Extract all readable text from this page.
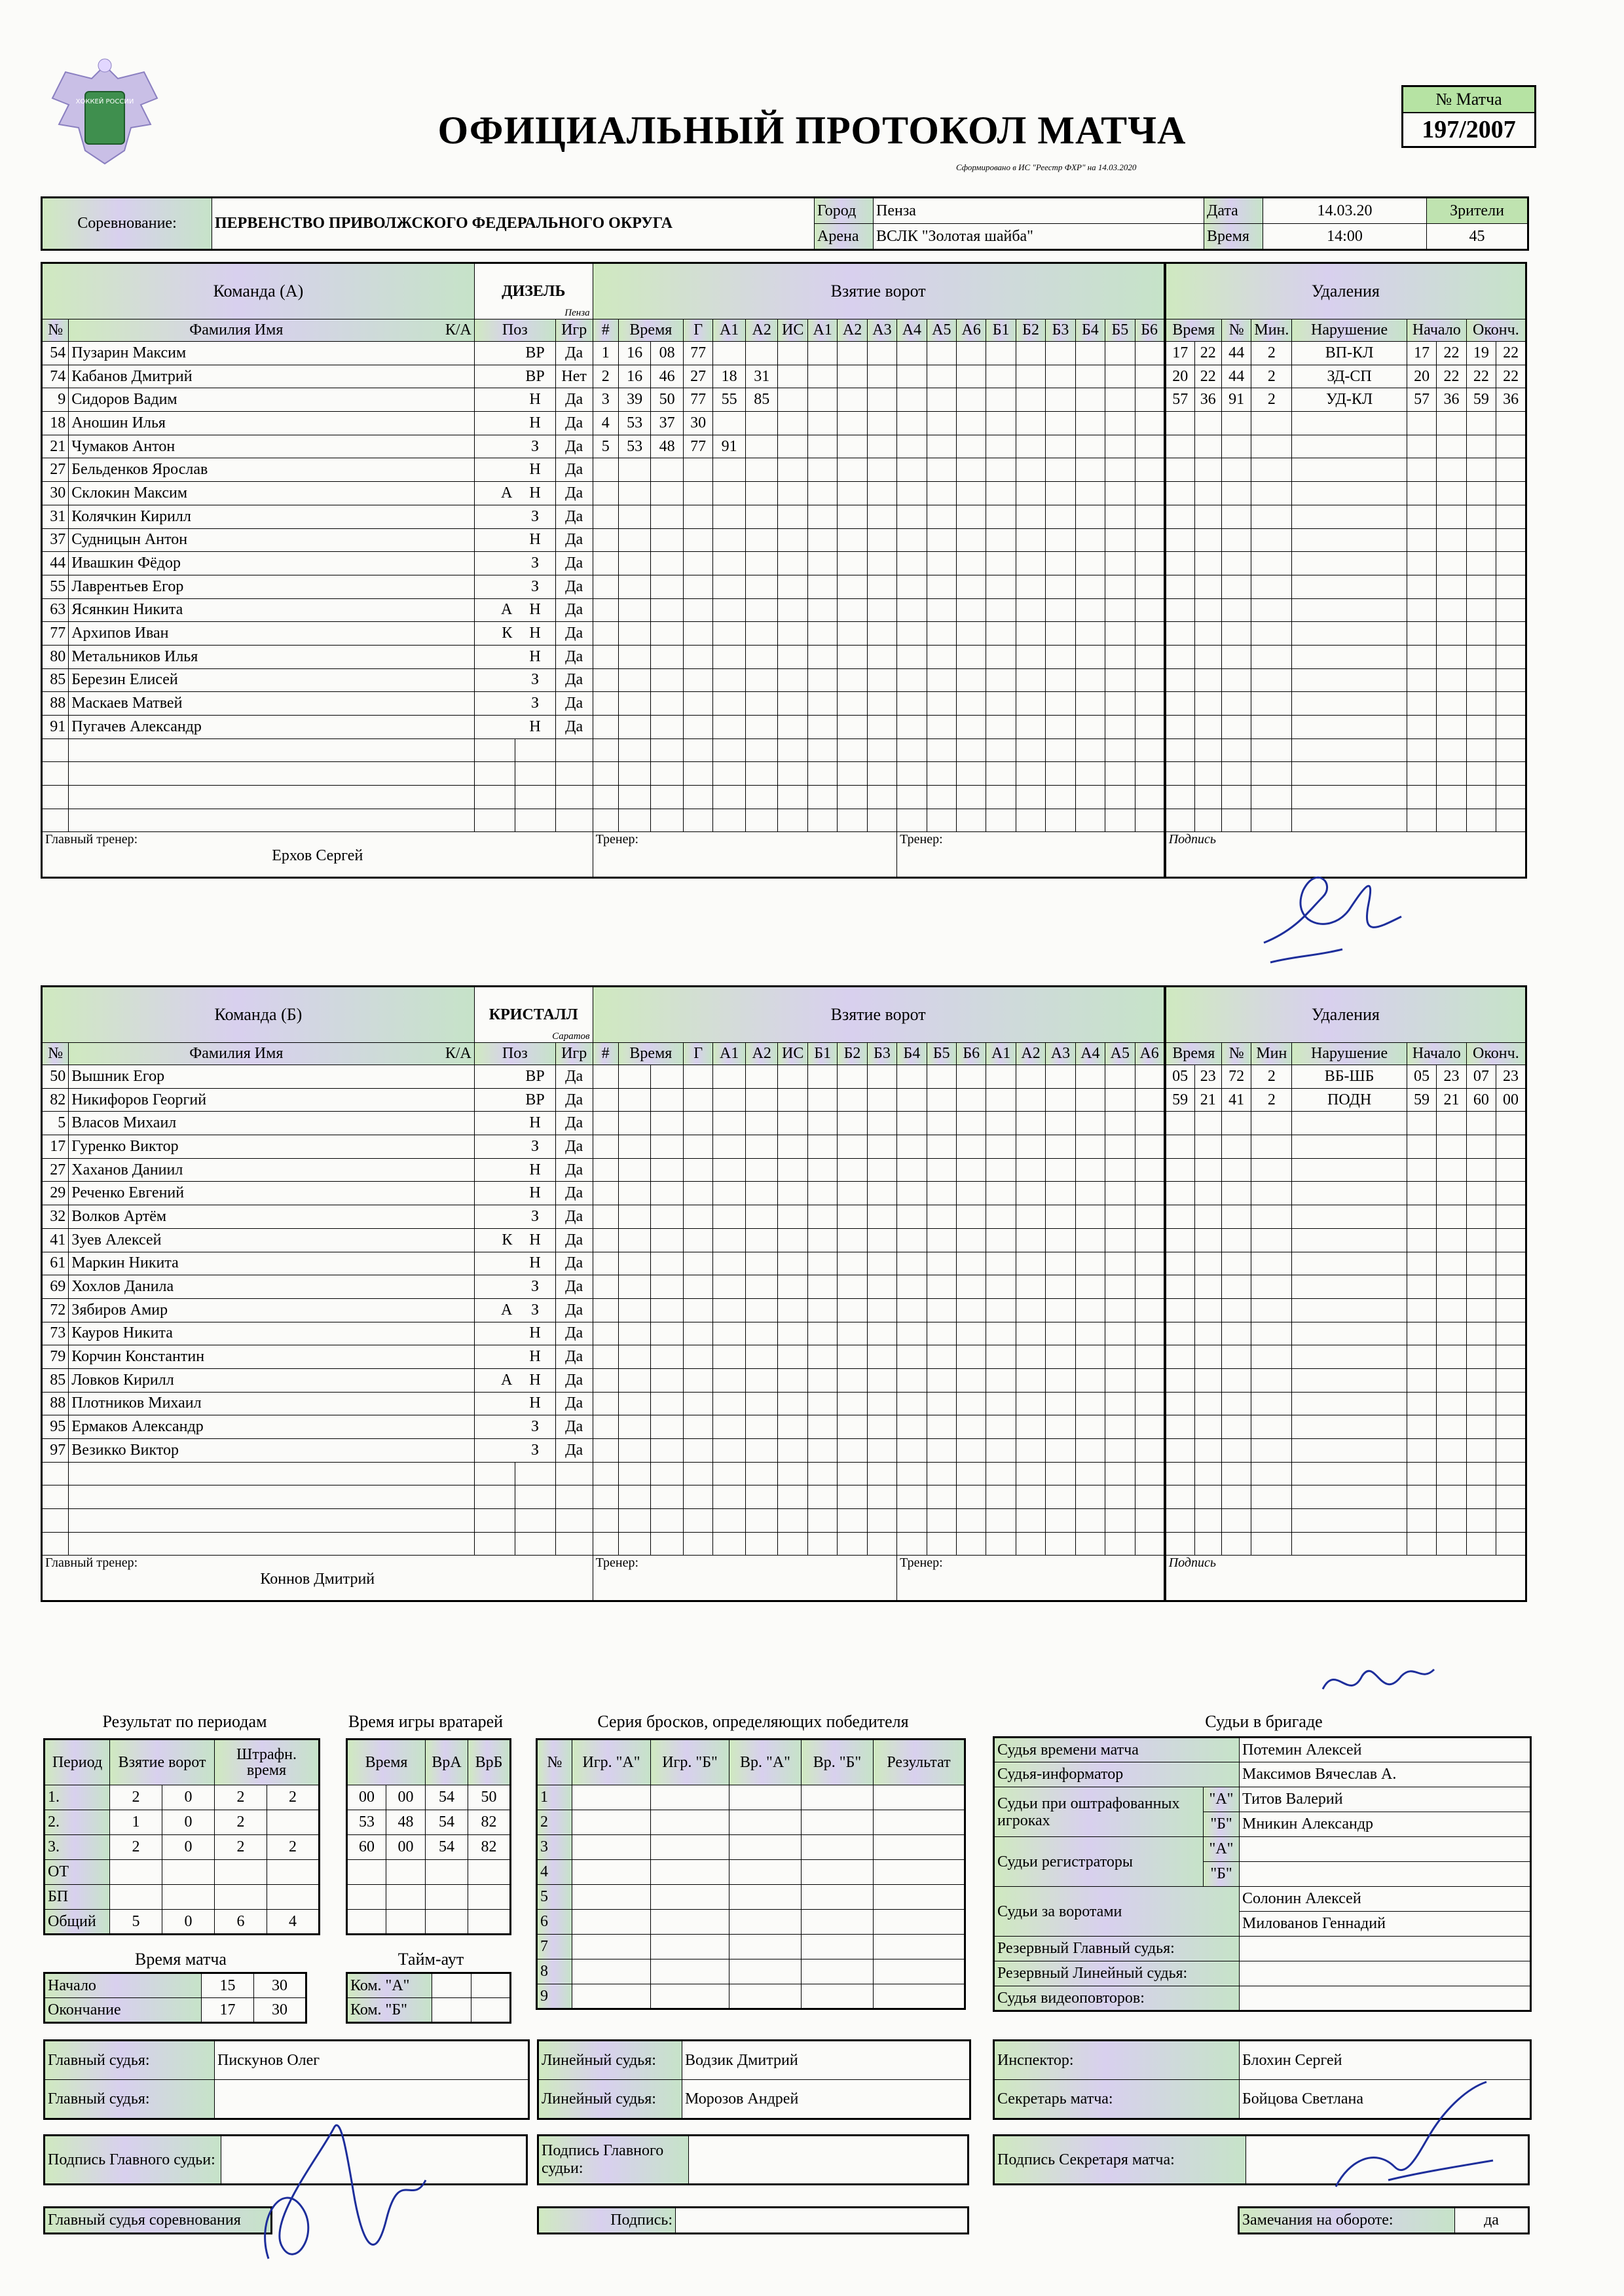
ХОККЕЙ РОССИИ
ОФИЦИАЛЬНЫЙ ПРОТОКОЛ МАТЧА
Сформировано в ИС "Реестр ФХР" на 14.03.2020
№ Матча
197/2007
Соревнование:	ПЕРВЕНСТВО ПРИВОЛЖСКОГО ФЕДЕРАЛЬНОГО ОКРУГА	Город	Пенза	Дата	14.03.20	Зрители
		Арена	ВСЛК "Золотая шайба"	Время	14:00	45
Команда (А)		ДИЗЕЛЬ
Пенза			Взятие ворот																			Удаления								
№	Фамилия Имя К/А	Поз		Игр	#	Время		Г	А1	А2	ИС	А1	А2	А3	А4	А5	А6	Б1	Б2	Б3	Б4	Б5	Б6	Время		№	Мин.	Нарушение	Начало		Оконч.	
54	Пузарин Максим		ВР	Да	1	16	08	77																17	22	44	2	ВП-КЛ	17	22	19	22
74	Кабанов Дмитрий		ВР	Нет	2	16	46	27	18	31														20	22	44	2	ЗД-СП	20	22	22	22
9	Сидоров Вадим		Н	Да	3	39	50	77	55	85														57	36	91	2	УД-КЛ	57	36	59	36
18	Аношин Илья		Н	Да	4	53	37	30																								
21	Чумаков Антон		З	Да	5	53	48	77	91																							
27	Бельденков Ярослав		Н	Да																												
30	Склокин Максим	А	Н	Да																												
31	Колячкин Кирилл		З	Да																												
37	Судницын Антон		Н	Да																												
44	Ивашкин Фёдор		З	Да																												
55	Лаврентьев Егор		З	Да																												
63	Ясянкин Никита	А	Н	Да																												
77	Архипов Иван	К	Н	Да																												
80	Метальников Илья		Н	Да																												
85	Березин Елисей		З	Да																												
88	Маскаев Матвей		З	Да																												
91	Пугачев Александр		Н	Да																												

Главный тренер:
Ерхов Сергей					Тренер:										Тренер:									Подпись								
Команда (Б)		КРИСТАЛЛ
Саратов			Взятие ворот																			Удаления								
№	Фамилия Имя К/А	Поз		Игр	#	Время		Г	А1	А2	ИС	Б1	Б2	Б3	Б4	Б5	Б6	А1	А2	А3	А4	А5	А6	Время		№	Мин	Нарушение	Начало		Оконч.	
50	Вышник Егор		ВР	Да																				05	23	72	2	ВБ-ШБ	05	23	07	23
82	Никифоров Георгий		ВР	Да																				59	21	41	2	ПОДН	59	21	60	00
5	Власов Михаил		Н	Да																												
17	Гуренко Виктор		З	Да																												
27	Хаханов Даниил		Н	Да																												
29	Реченко Евгений		Н	Да																												
32	Волков Артём		З	Да																												
41	Зуев Алексей	К	Н	Да																												
61	Маркин Никита		Н	Да																												
69	Хохлов Данила		З	Да																												
72	Зябиров Амир	А	З	Да																												
73	Кауров Никита		Н	Да																												
79	Корчин Константин		Н	Да																												
85	Ловков Кирилл	А	Н	Да																												
88	Плотников Михаил		Н	Да																												
95	Ермаков Александр		З	Да																												
97	Везикко Виктор		З	Да																												

Главный тренер:
Коннов Дмитрий					Тренер:										Тренер:									Подпись								
Результат по периодам
Период	Взятие ворот		Штрафн. время	
1.	2	0	2	2
2.	1	0	2	
3.	2	0	2	2
ОТ				
БП				
Общий	5	0	6	4
Время игры вратарей
Время		ВрА	ВрБ
00	00	54	50
53	48	54	82
60	00	54	82

Серия бросков, определяющих победителя
№	Игр. "А"	Игр. "Б"	Вр. "А"	Вр. "Б"	Результат
1					
2					
3					
4					
5					
6					
7					
8					
9					
Время матча
Начало	15	30
Окончание	17	30
Тайм-аут
Ком. "А"		
Ком. "Б"		
Судьи в бригаде
Судья времени матча		Потемин Алексей
Судья-информатор		Максимов Вячеслав А.
Судьи при оштрафованных игроках	"А"	Титов Валерий
	"Б"	Мникин Александр
Судьи регистраторы	"А"	
	"Б"	
Судьи за воротами		Солонин Алексей
		Милованов Геннадий
Резервный Главный судья:		
Резервный Линейный судья:		
Судья видеоповторов:		
Главный судья:	Пискунов Олег
Главный судья:	
Линейный судья:	Водзик Дмитрий
Линейный судья:	Морозов Андрей
Инспектор:	Блохин Сергей
Секретарь матча:	Бойцова Светлана
Подпись Главного судьи:	
Подпись Главного судьи:	
Подпись Секретаря матча:	
Главный судья соревнования	Подпись:		Замечания на обороте:	да
